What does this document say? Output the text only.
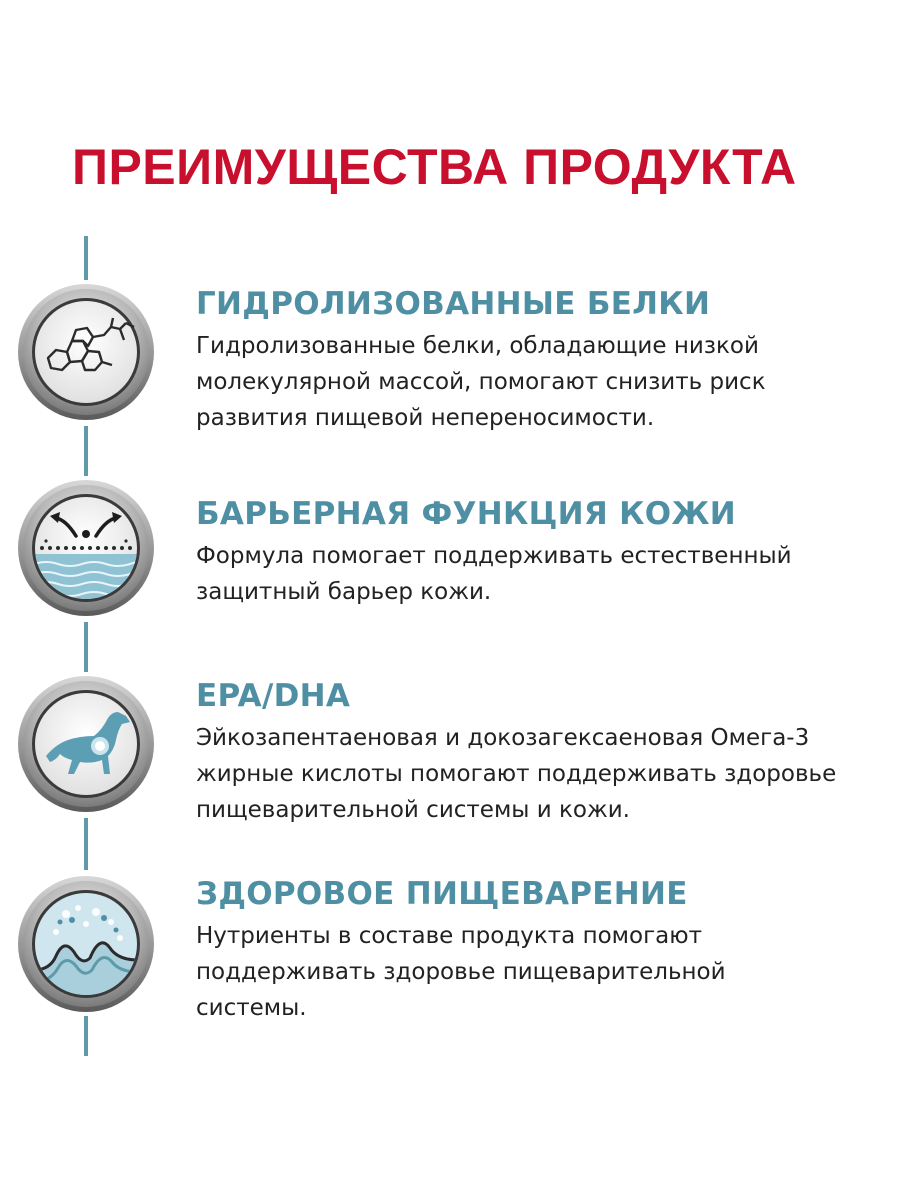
ПРЕИМУЩЕСТВА ПРОДУКТА
ГИДРОЛИЗОВАННЫЕ БЕЛКИ
Гидролизованные белки, обладающие низкой
молекулярной массой, помогают снизить риск
развития пищевой непереносимости.
БАРЬЕРНАЯ ФУНКЦИЯ КОЖИ
Формула помогает поддерживать естественный
защитный барьер кожи.
EPA/DHA
Эйкозапентаеновая и докозагексаеновая Омега-3
жирные кислоты помогают поддерживать здоровье
пищеварительной системы и кожи.
ЗДОРОВОЕ ПИЩЕВАРЕНИЕ
Нутриенты в составе продукта помогают
поддерживать здоровье пищеварительной
системы.
